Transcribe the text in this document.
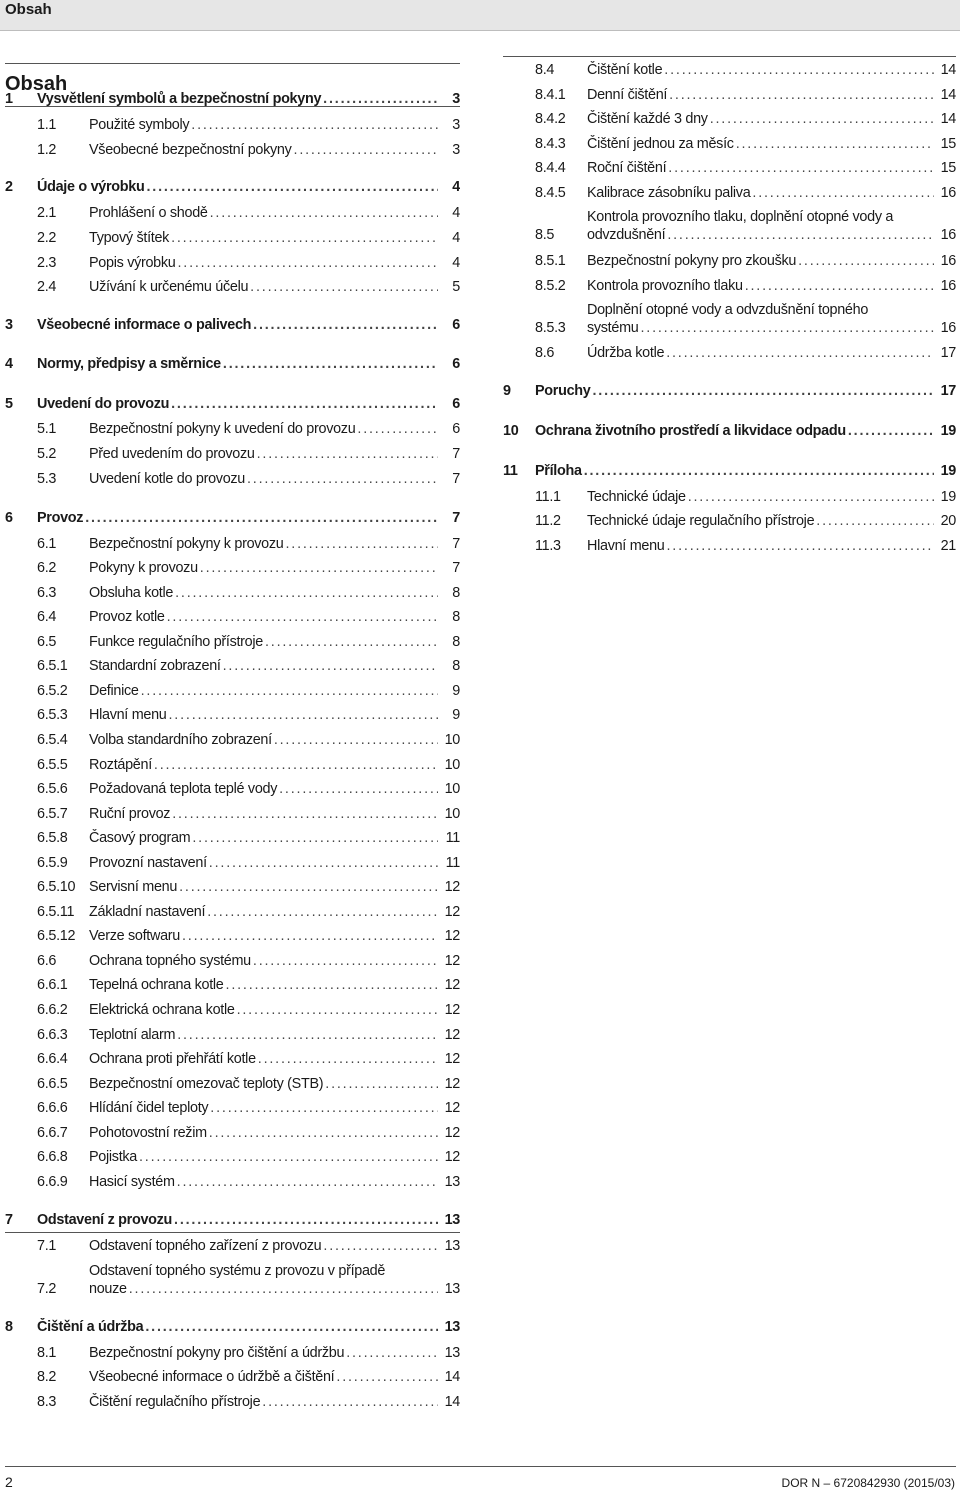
Obsah
Obsah
1	Vysvětlení symbolů a bezpečnostní pokyny .....	3
1.1	Použité symboly .....	3
1.2	Všeobecné bezpečnostní pokyny .....	3
2	Údaje o výrobku .....	4
2.1	Prohlášení o shodě .....	4
2.2	Typový štítek .....	4
2.3	Popis výrobku .....	4
2.4	Užívání k určenému účelu .....	5
3	Všeobecné informace o palivech .....	6
4	Normy, předpisy a směrnice .....	6
5	Uvedení do provozu .....	6
5.1	Bezpečnostní pokyny k uvedení do provozu .....	6
5.2	Před uvedením do provozu .....	7
5.3	Uvedení kotle do provozu .....	7
6	Provoz .....	7
6.1	Bezpečnostní pokyny k provozu .....	7
6.2	Pokyny k provozu .....	7
6.3	Obsluha kotle .....	8
6.4	Provoz kotle .....	8
6.5	Funkce regulačního přístroje .....	8
6.5.1	Standardní zobrazení .....	8
6.5.2	Definice .....	9
6.5.3	Hlavní menu .....	9
6.5.4	Volba standardního zobrazení .....	10
6.5.5	Roztápění .....	10
6.5.6	Požadovaná teplota teplé vody .....	10
6.5.7	Ruční provoz .....	10
6.5.8	Časový program .....	11
6.5.9	Provozní nastavení .....	11
6.5.10 Servisní menu .....	12
6.5.11	Základní nastavení .....	12
6.5.12 Verze softwaru .....	12
6.6	Ochrana topného systému .....	12
6.6.1	Tepelná ochrana kotle .....	12
6.6.2	Elektrická ochrana kotle .....	12
6.6.3	Teplotní alarm .....	12
6.6.4	Ochrana proti přehřátí kotle .....	12
6.6.5	Bezpečnostní omezovač teploty (STB) .....	12
6.6.6	Hlídání čidel teploty .....	12
6.6.7	Pohotovostní režim .....	12
6.6.8	Pojistka .....	12
6.6.9	Hasicí systém .....	13
7	Odstavení z provozu .....	13
7.1	Odstavení topného zařízení z provozu .....	13
7.2
Odstavení topného systému z provozu v případě
nouze .....	13
8	Čištění a údržba .....	13
8.1	Bezpečnostní pokyny pro čištění a údržbu .....	13
8.2	Všeobecné informace o údržbě a čištění .....	14
8.3	Čištění regulačního přístroje .....	14
8.4	Čištění kotle .....	14
8.4.1	Denní čištění .....	14
8.4.2	Čištění každé 3 dny .....	14
8.4.3	Čištění jednou za měsíc .....	15
8.4.4	Roční čištění .....	15
8.4.5	Kalibrace zásobníku paliva .....	16
8.5
Kontrola provozního tlaku, doplnění otopné vody a
odvzdušnění .....	16
8.5.1	Bezpečnostní pokyny pro zkoušku .....	16
8.5.2	Kontrola provozního tlaku .....	16
8.5.3
Doplnění otopné vody a odvzdušnění topného
systému .....	16
8.6	Údržba kotle .....	17
9	Poruchy .....	17
10	Ochrana životního prostředí a likvidace odpadu .....	19
11	Příloha .....	19
11.1	Technické údaje .....	19
11.2	Technické údaje regulačního přístroje .....	20
11.3	Hlavní menu .....	21
2	DOR N – 6720842930 (2015/03)
